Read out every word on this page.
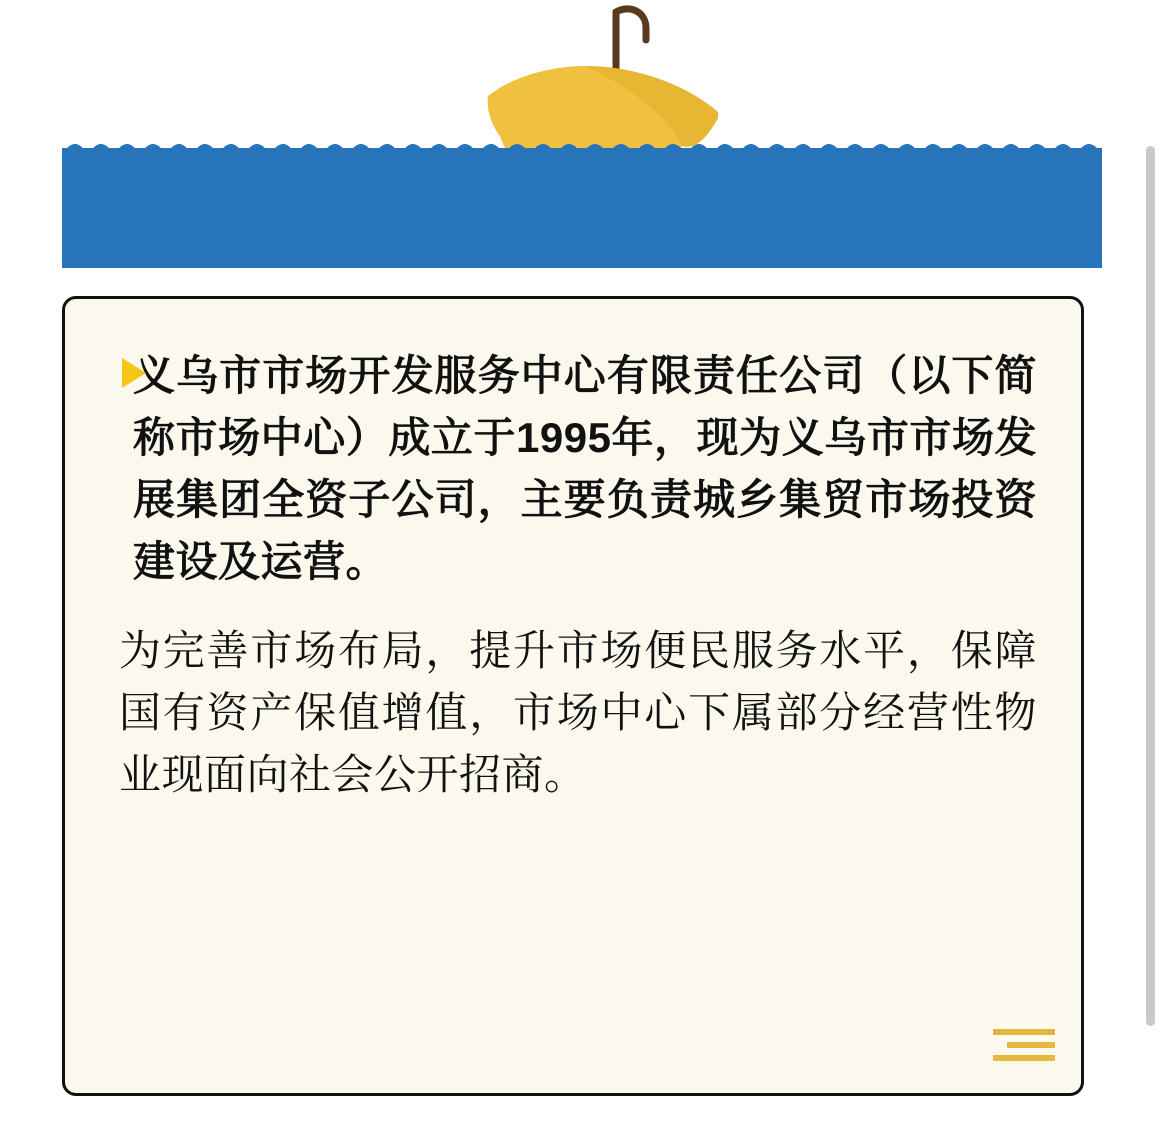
义乌市市场开发服务中心有限责任公司（以下简称市场中心）成立于1995年，现为义乌市市场发展集团全资子公司，主要负责城乡集贸市场投资建设及运营。

为完善市场布局，提升市场便民服务水平，保障国有资产保值增值，市场中心下属部分经营性物业现面向社会公开招商。
